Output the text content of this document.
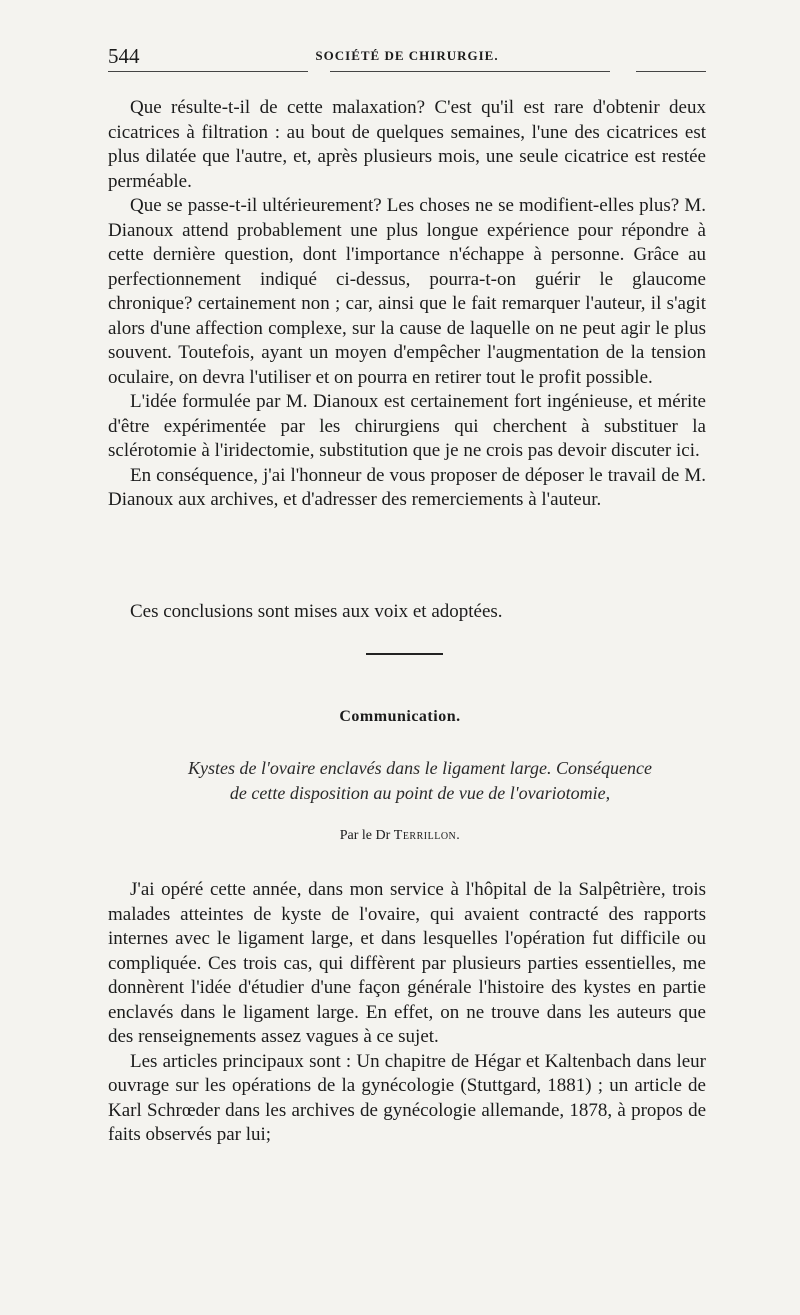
544	SOCIÉTÉ DE CHIRURGIE.

Que résulte-t-il de cette malaxation? C'est qu'il est rare d'obtenir deux cicatrices à filtration : au bout de quelques semaines, l'une des cicatrices est plus dilatée que l'autre, et, après plusieurs mois, une seule cicatrice est restée perméable.

Que se passe-t-il ultérieurement? Les choses ne se modifient-elles plus? M. Dianoux attend probablement une plus longue expérience pour répondre à cette dernière question, dont l'importance n'échappe à personne. Grâce au perfectionnement indiqué ci-dessus, pourra-t-on guérir le glaucome chronique? certainement non ; car, ainsi que le fait remarquer l'auteur, il s'agit alors d'une affection complexe, sur la cause de laquelle on ne peut agir le plus souvent. Toutefois, ayant un moyen d'empêcher l'augmentation de la tension oculaire, on devra l'utiliser et on pourra en retirer tout le profit possible.

L'idée formulée par M. Dianoux est certainement fort ingénieuse, et mérite d'être expérimentée par les chirurgiens qui cherchent à substituer la sclérotomie à l'iridectomie, substitution que je ne crois pas devoir discuter ici.

En conséquence, j'ai l'honneur de vous proposer de déposer le travail de M. Dianoux aux archives, et d'adresser des remerciements à l'auteur.

Ces conclusions sont mises aux voix et adoptées.
Communication.
Kystes de l'ovaire enclavés dans le ligament large. Conséquence
de cette disposition au point de vue de l'ovariotomie,
Par le Dr Terrillon.

J'ai opéré cette année, dans mon service à l'hôpital de la Salpêtrière, trois malades atteintes de kyste de l'ovaire, qui avaient contracté des rapports internes avec le ligament large, et dans lesquelles l'opération fut difficile ou compliquée. Ces trois cas, qui diffèrent par plusieurs parties essentielles, me donnèrent l'idée d'étudier d'une façon générale l'histoire des kystes en partie enclavés dans le ligament large. En effet, on ne trouve dans les auteurs que des renseignements assez vagues à ce sujet.

Les articles principaux sont : Un chapitre de Hégar et Kaltenbach dans leur ouvrage sur les opérations de la gynécologie (Stuttgard, 1881) ; un article de Karl Schrœder dans les archives de gynécologie allemande, 1878, à propos de faits observés par lui;
